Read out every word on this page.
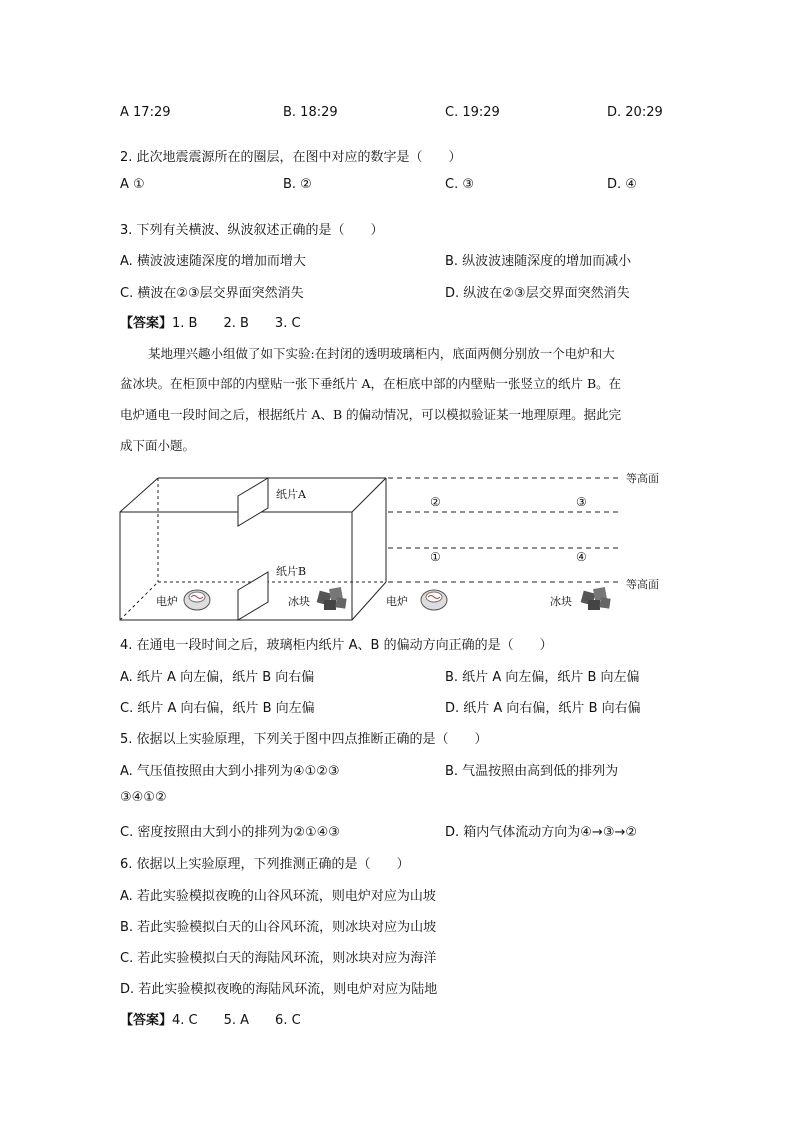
A 17:29	B. 18:29	C. 19:29	D. 20:29
2. 此次地震震源所在的圈层，在图中对应的数字是（　　）
A ①	B. ②	C. ③	D. ④
3. 下列有关横波、纵波叙述正确的是（　　）
A. 横波波速随深度的增加而增大	B. 纵波波速随深度的增加而减小
C. 横波在②③层交界面突然消失	D. 纵波在②③层交界面突然消失
【答案】1. B　　2. B　　3. C
某地理兴趣小组做了如下实验:在封闭的透明玻璃柜内，底面两侧分别放一个电炉和大
盆冰块。在柜顶中部的内壁贴一张下垂纸片 A，在柜底中部的内壁贴一张竖立的纸片 B。在
电炉通电一段时间之后，根据纸片 A、B 的偏动情况，可以模拟验证某一地理原理。据此完
成下面小题。
纸片A
纸片B
电炉	冰块
等高面
等高面
②	③
①	④
电炉	冰块
4. 在通电一段时间之后，玻璃柜内纸片 A、B 的偏动方向正确的是（　　）
A. 纸片 A 向左偏，纸片 B 向右偏	B. 纸片 A 向左偏，纸片 B 向左偏
C. 纸片 A 向右偏，纸片 B 向左偏	D. 纸片 A 向右偏，纸片 B 向右偏
5. 依据以上实验原理，下列关于图中四点推断正确的是（　　）
A. 气压值按照由大到小排列为④①②③	B. 气温按照由高到低的排列为
③④①②
C. 密度按照由大到小的排列为②①④③	D. 箱内气体流动方向为④→③→②
6. 依据以上实验原理，下列推测正确的是（　　）
A. 若此实验模拟夜晚的山谷风环流，则电炉对应为山坡
B. 若此实验模拟白天的山谷风环流，则冰块对应为山坡
C. 若此实验模拟白天的海陆风环流，则冰块对应为海洋
D. 若此实验模拟夜晚的海陆风环流，则电炉对应为陆地
【答案】4. C　　5. A　　6. C
